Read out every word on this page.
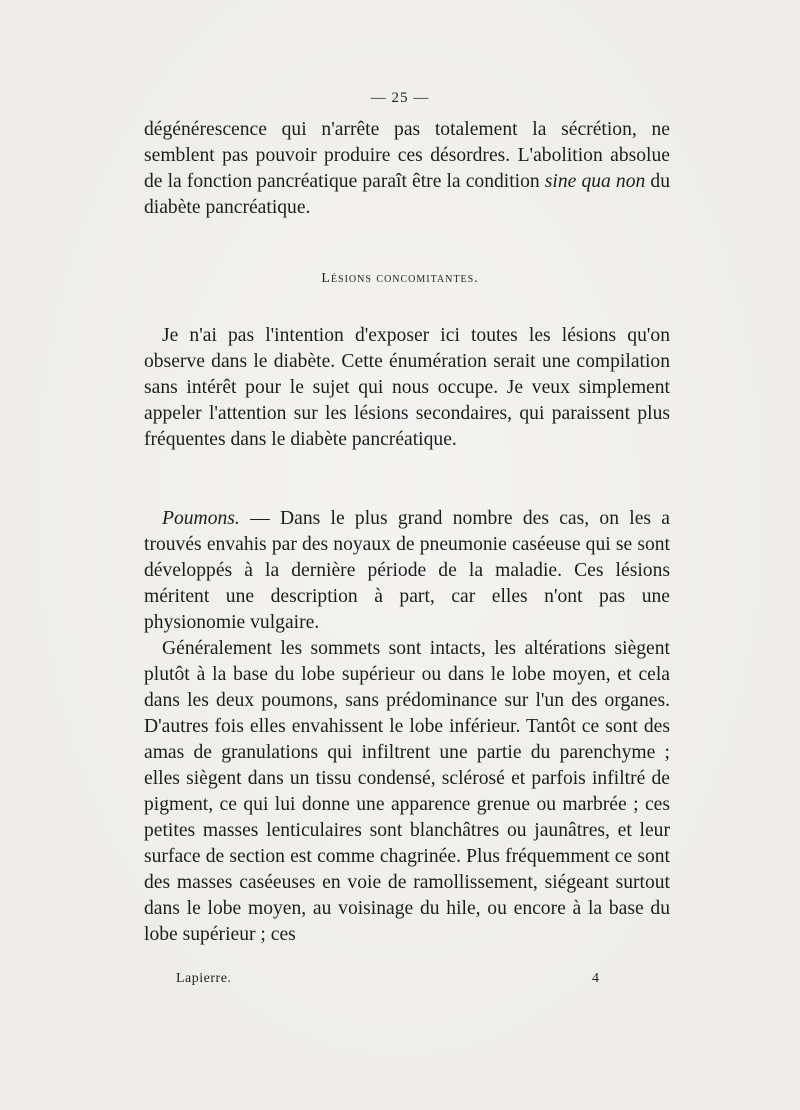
— 25 —

dégénérescence qui n'arrête pas totalement la sécrétion, ne semblent pas pouvoir produire ces désordres. L'abolition absolue de la fonction pancréatique paraît être la condition sine qua non du diabète pancréatique.

Lésions concomitantes.

Je n'ai pas l'intention d'exposer ici toutes les lésions qu'on observe dans le diabète. Cette énumération serait une compilation sans intérêt pour le sujet qui nous occupe. Je veux simplement appeler l'attention sur les lésions secondaires, qui paraissent plus fréquentes dans le diabète pancréatique.

Poumons. — Dans le plus grand nombre des cas, on les a trouvés envahis par des noyaux de pneumonie caséeuse qui se sont développés à la dernière période de la maladie. Ces lésions méritent une description à part, car elles n'ont pas une physionomie vulgaire.

Généralement les sommets sont intacts, les altérations siègent plutôt à la base du lobe supérieur ou dans le lobe moyen, et cela dans les deux poumons, sans prédominance sur l'un des organes. D'autres fois elles envahissent le lobe inférieur. Tantôt ce sont des amas de granulations qui infiltrent une partie du parenchyme ; elles siègent dans un tissu condensé, sclérosé et parfois infiltré de pigment, ce qui lui donne une apparence grenue ou marbrée ; ces petites masses lenticulaires sont blanchâtres ou jaunâtres, et leur surface de section est comme chagrinée. Plus fréquemment ce sont des masses caséeuses en voie de ramollissement, siégeant surtout dans le lobe moyen, au voisinage du hile, ou encore à la base du lobe supérieur ; ces

Lapierre.	4
